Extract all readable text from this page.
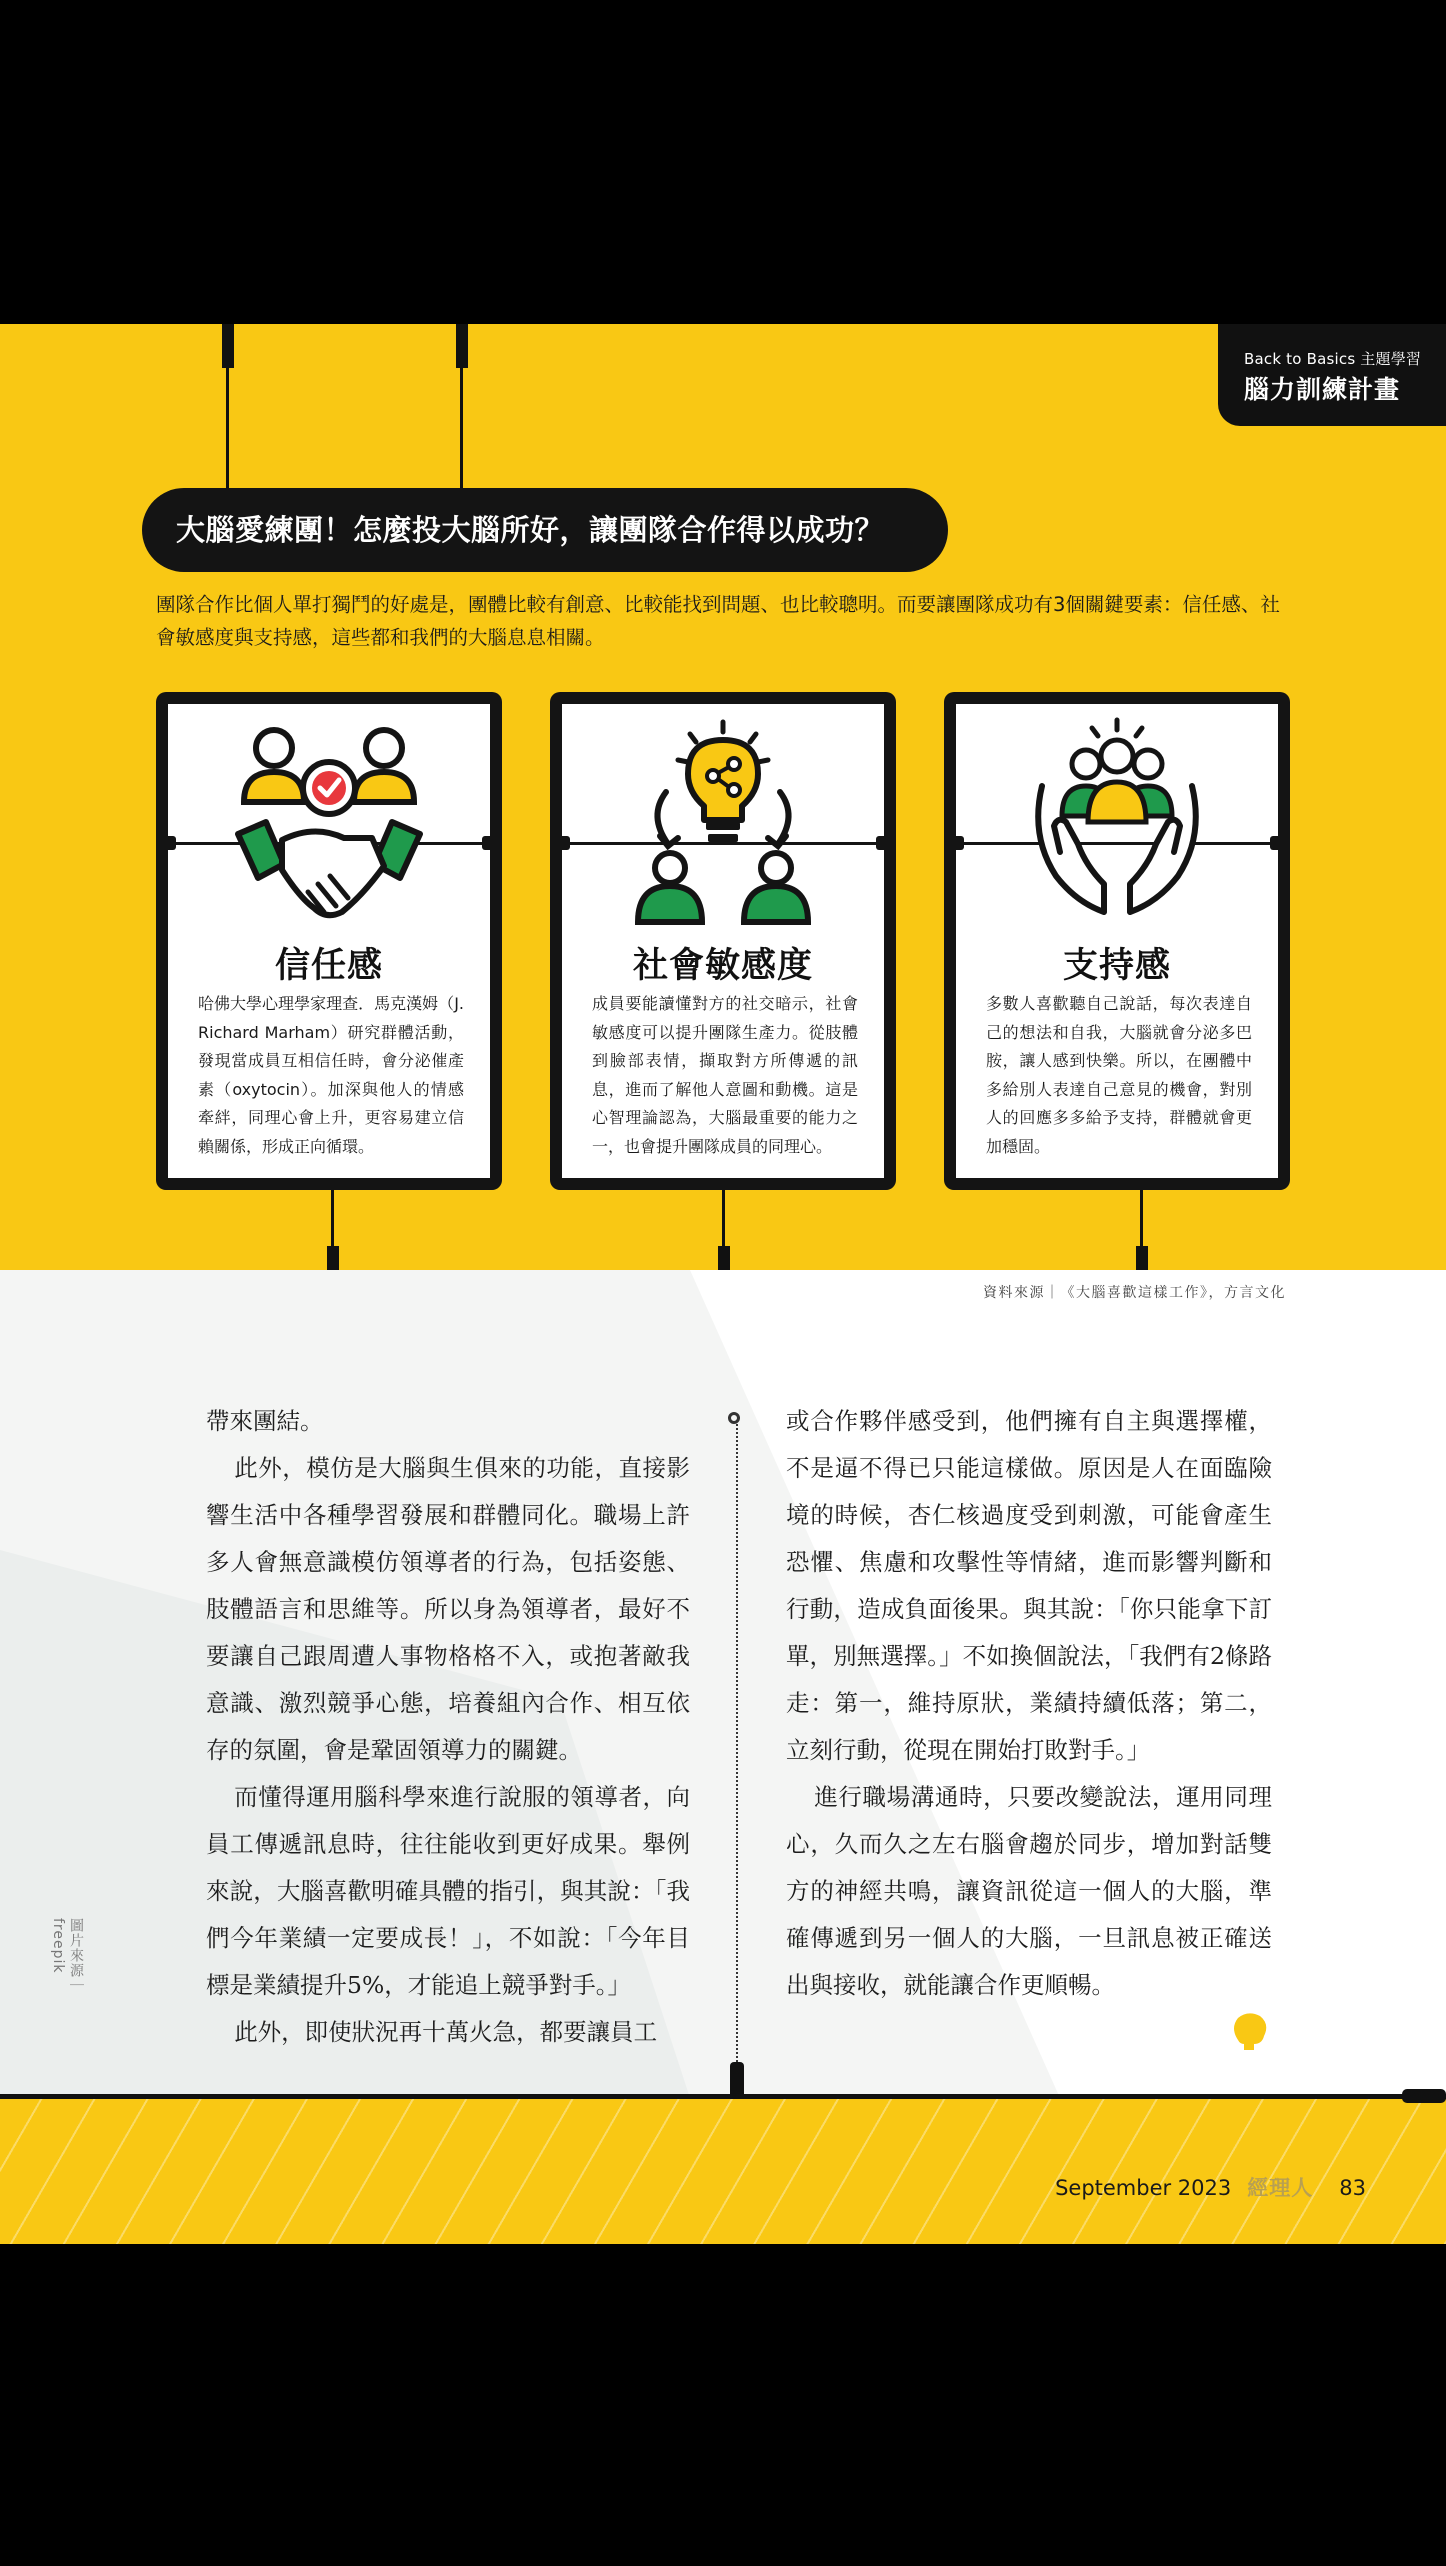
Back to Basics 主題學習
腦力訓練計畫
大腦愛練團！怎麼投大腦所好，讓團隊合作得以成功？
團隊合作比個人單打獨鬥的好處是，團體比較有創意、比較能找到問題、也比較聰明。而要讓團隊成功有3個關鍵要素：信任感、社會敏感度與支持感，這些都和我們的大腦息息相關。
信任感
哈佛大學心理學家理查．馬克漢姆（J. Richard Marham）研究群體活動，發現當成員互相信任時，會分泌催產素（oxytocin）。加深與他人的情感牽絆，同理心會上升，更容易建立信賴關係，形成正向循環。
社會敏感度
成員要能讀懂對方的社交暗示，社會敏感度可以提升團隊生產力。從肢體到臉部表情，擷取對方所傳遞的訊息，進而了解他人意圖和動機。這是心智理論認為，大腦最重要的能力之一，也會提升團隊成員的同理心。
支持感
多數人喜歡聽自己說話，每次表達自己的想法和自我，大腦就會分泌多巴胺，讓人感到快樂。所以，在團體中多給別人表達自己意見的機會，對別人的回應多多給予支持，群體就會更加穩固。
資料來源｜《大腦喜歡這樣工作》，方言文化

帶來團結。

此外，模仿是大腦與生俱來的功能，直接影響生活中各種學習發展和群體同化。職場上許多人會無意識模仿領導者的行為，包括姿態、肢體語言和思維等。所以身為領導者，最好不要讓自己跟周遭人事物格格不入，或抱著敵我意識、激烈競爭心態，培養組內合作、相互依存的氛圍，會是鞏固領導力的關鍵。

而懂得運用腦科學來進行說服的領導者，向員工傳遞訊息時，往往能收到更好成果。舉例來說，大腦喜歡明確具體的指引，與其說：「我們今年業績一定要成長！」，不如說：「今年目標是業績提升5%，才能追上競爭對手。」

此外，即使狀況再十萬火急，都要讓員工

或合作夥伴感受到，他們擁有自主與選擇權，不是逼不得已只能這樣做。原因是人在面臨險境的時候，杏仁核過度受到刺激，可能會產生恐懼、焦慮和攻擊性等情緒，進而影響判斷和行動，造成負面後果。與其說：「你只能拿下訂單，別無選擇。」不如換個說法，「我們有2條路走：第一，維持原狀，業績持續低落；第二，立刻行動，從現在開始打敗對手。」

進行職場溝通時，只要改變說法，運用同理心，久而久之左右腦會趨於同步，增加對話雙方的神經共鳴，讓資訊從這一個人的大腦，準確傳遞到另一個人的大腦，一旦訊息被正確送出與接收，就能讓合作更順暢。

圖片來源｜freepik
September 2023 經理人 83
